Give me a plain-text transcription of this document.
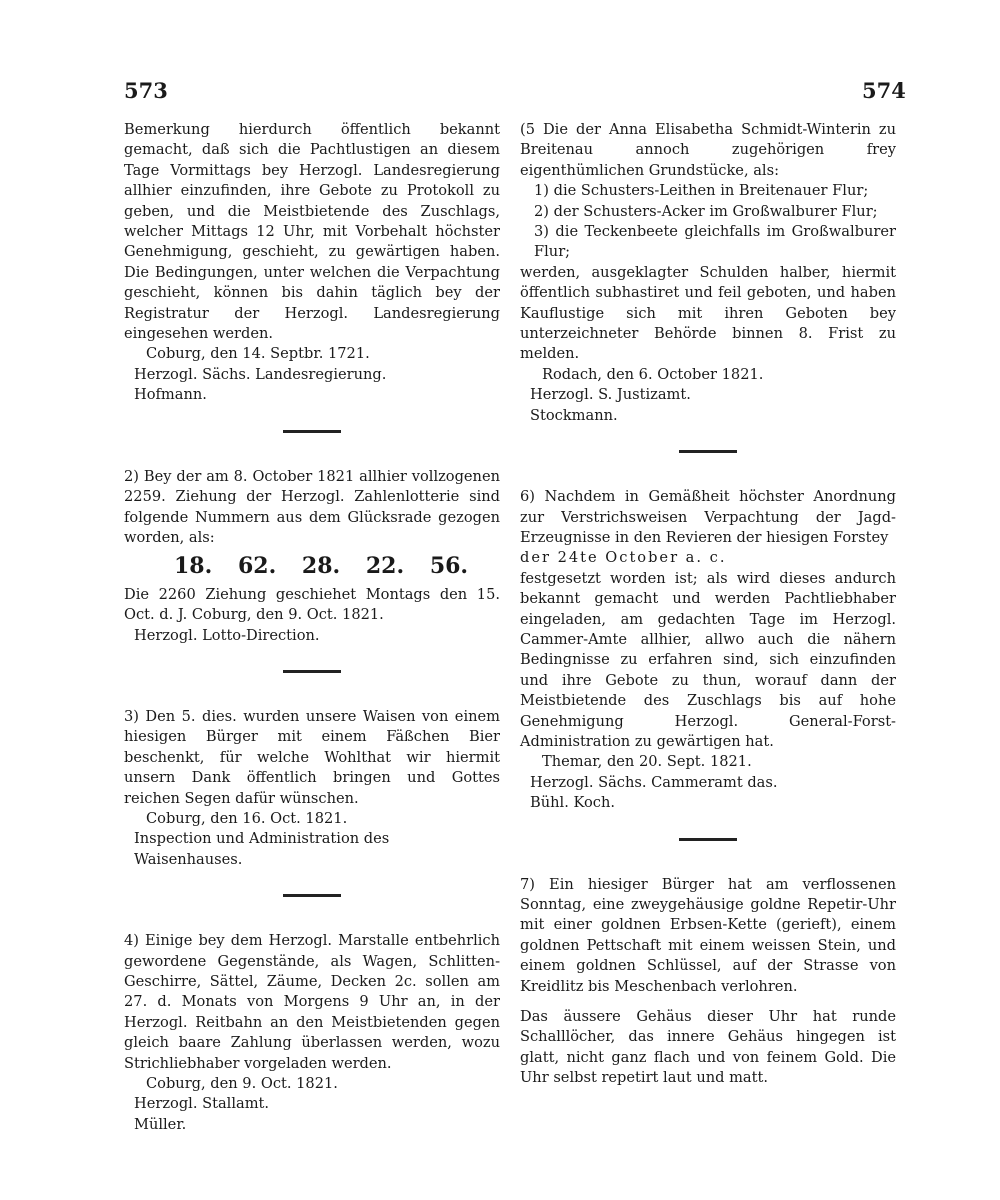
573	574

Bemerkung hierdurch öffentlich bekannt gemacht, daß sich die Pachtlustigen an diesem Tage Vormittags bey Herzogl. Landesregierung allhier einzufinden, ihre Gebote zu Protokoll zu geben, und die Meistbietende des Zuschlags, welcher Mittags 12 Uhr, mit Vorbehalt höchster Genehmigung, geschieht, zu gewärtigen haben. Die Bedingungen, unter welchen die Verpachtung geschieht, können bis dahin täglich bey der Registratur der Herzogl. Landesregierung eingesehen werden.

Coburg, den 14. Septbr. 1721.

Herzogl. Sächs. Landesregierung.

Hofmann.

2) Bey der am 8. October 1821 allhier vollzogenen 2259. Ziehung der Herzogl. Zahlenlotterie sind folgende Nummern aus dem Glücksrade gezogen worden, als:

18. 62. 28. 22. 56.

Die 2260 Ziehung geschiehet Montags den 15. Oct. d. J. Coburg, den 9. Oct. 1821.

Herzogl. Lotto-Direction.

3) Den 5. dies. wurden unsere Waisen von einem hiesigen Bürger mit einem Fäßchen Bier beschenkt, für welche Wohlthat wir hiermit unsern Dank öffentlich bringen und Gottes reichen Segen dafür wünschen.

Coburg, den 16. Oct. 1821.

Inspection und Administration des

Waisenhauses.

4) Einige bey dem Herzogl. Marstalle entbehrlich gewordene Gegenstände, als Wagen, Schlitten-Geschirre, Sättel, Zäume, Decken 2c. sollen am 27. d. Monats von Morgens 9 Uhr an, in der Herzogl. Reitbahn an den Meistbietenden gegen gleich baare Zahlung überlassen werden, wozu Strichliebhaber vorgeladen werden.

Coburg, den 9. Oct. 1821.

Herzogl. Stallamt.

Müller.

(5 Die der Anna Elisabetha Schmidt-Winterin zu Breitenau annoch zugehörigen frey eigenthümlichen Grundstücke, als:

1) die Schusters-Leithen in Breitenauer Flur;

2) der Schusters-Acker im Großwalburer Flur;

3) die Teckenbeete gleichfalls im Großwalburer Flur;

werden, ausgeklagter Schulden halber, hiermit öffentlich subhastiret und feil geboten, und haben Kauflustige sich mit ihren Geboten bey unterzeichneter Behörde binnen 8. Frist zu melden.

Rodach, den 6. October 1821.

Herzogl. S. Justizamt.

Stockmann.

6) Nachdem in Gemäßheit höchster Anordnung zur Verstrichsweisen Verpachtung der Jagd-Erzeugnisse in den Revieren der hiesigen Forstey

der 24te October a. c.

festgesetzt worden ist; als wird dieses andurch bekannt gemacht und werden Pachtliebhaber eingeladen, am gedachten Tage im Herzogl. Cammer-Amte allhier, allwo auch die nähern Bedingnisse zu erfahren sind, sich einzufinden und ihre Gebote zu thun, worauf dann der Meistbietende des Zuschlags bis auf hohe Genehmigung Herzogl. General-Forst-Administration zu gewärtigen hat.

Themar, den 20. Sept. 1821.

Herzogl. Sächs. Cammeramt das.

Bühl. Koch.

7) Ein hiesiger Bürger hat am verflossenen Sonntag, eine zweygehäusige goldne Repetir-Uhr mit einer goldnen Erbsen-Kette (gerieft), einem goldnen Pettschaft mit einem weissen Stein, und einem goldnen Schlüssel, auf der Strasse von Kreidlitz bis Meschenbach verlohren.

Das äussere Gehäus dieser Uhr hat runde Schalllöcher, das innere Gehäus hingegen ist glatt, nicht ganz flach und von feinem Gold. Die Uhr selbst repetirt laut und matt.
